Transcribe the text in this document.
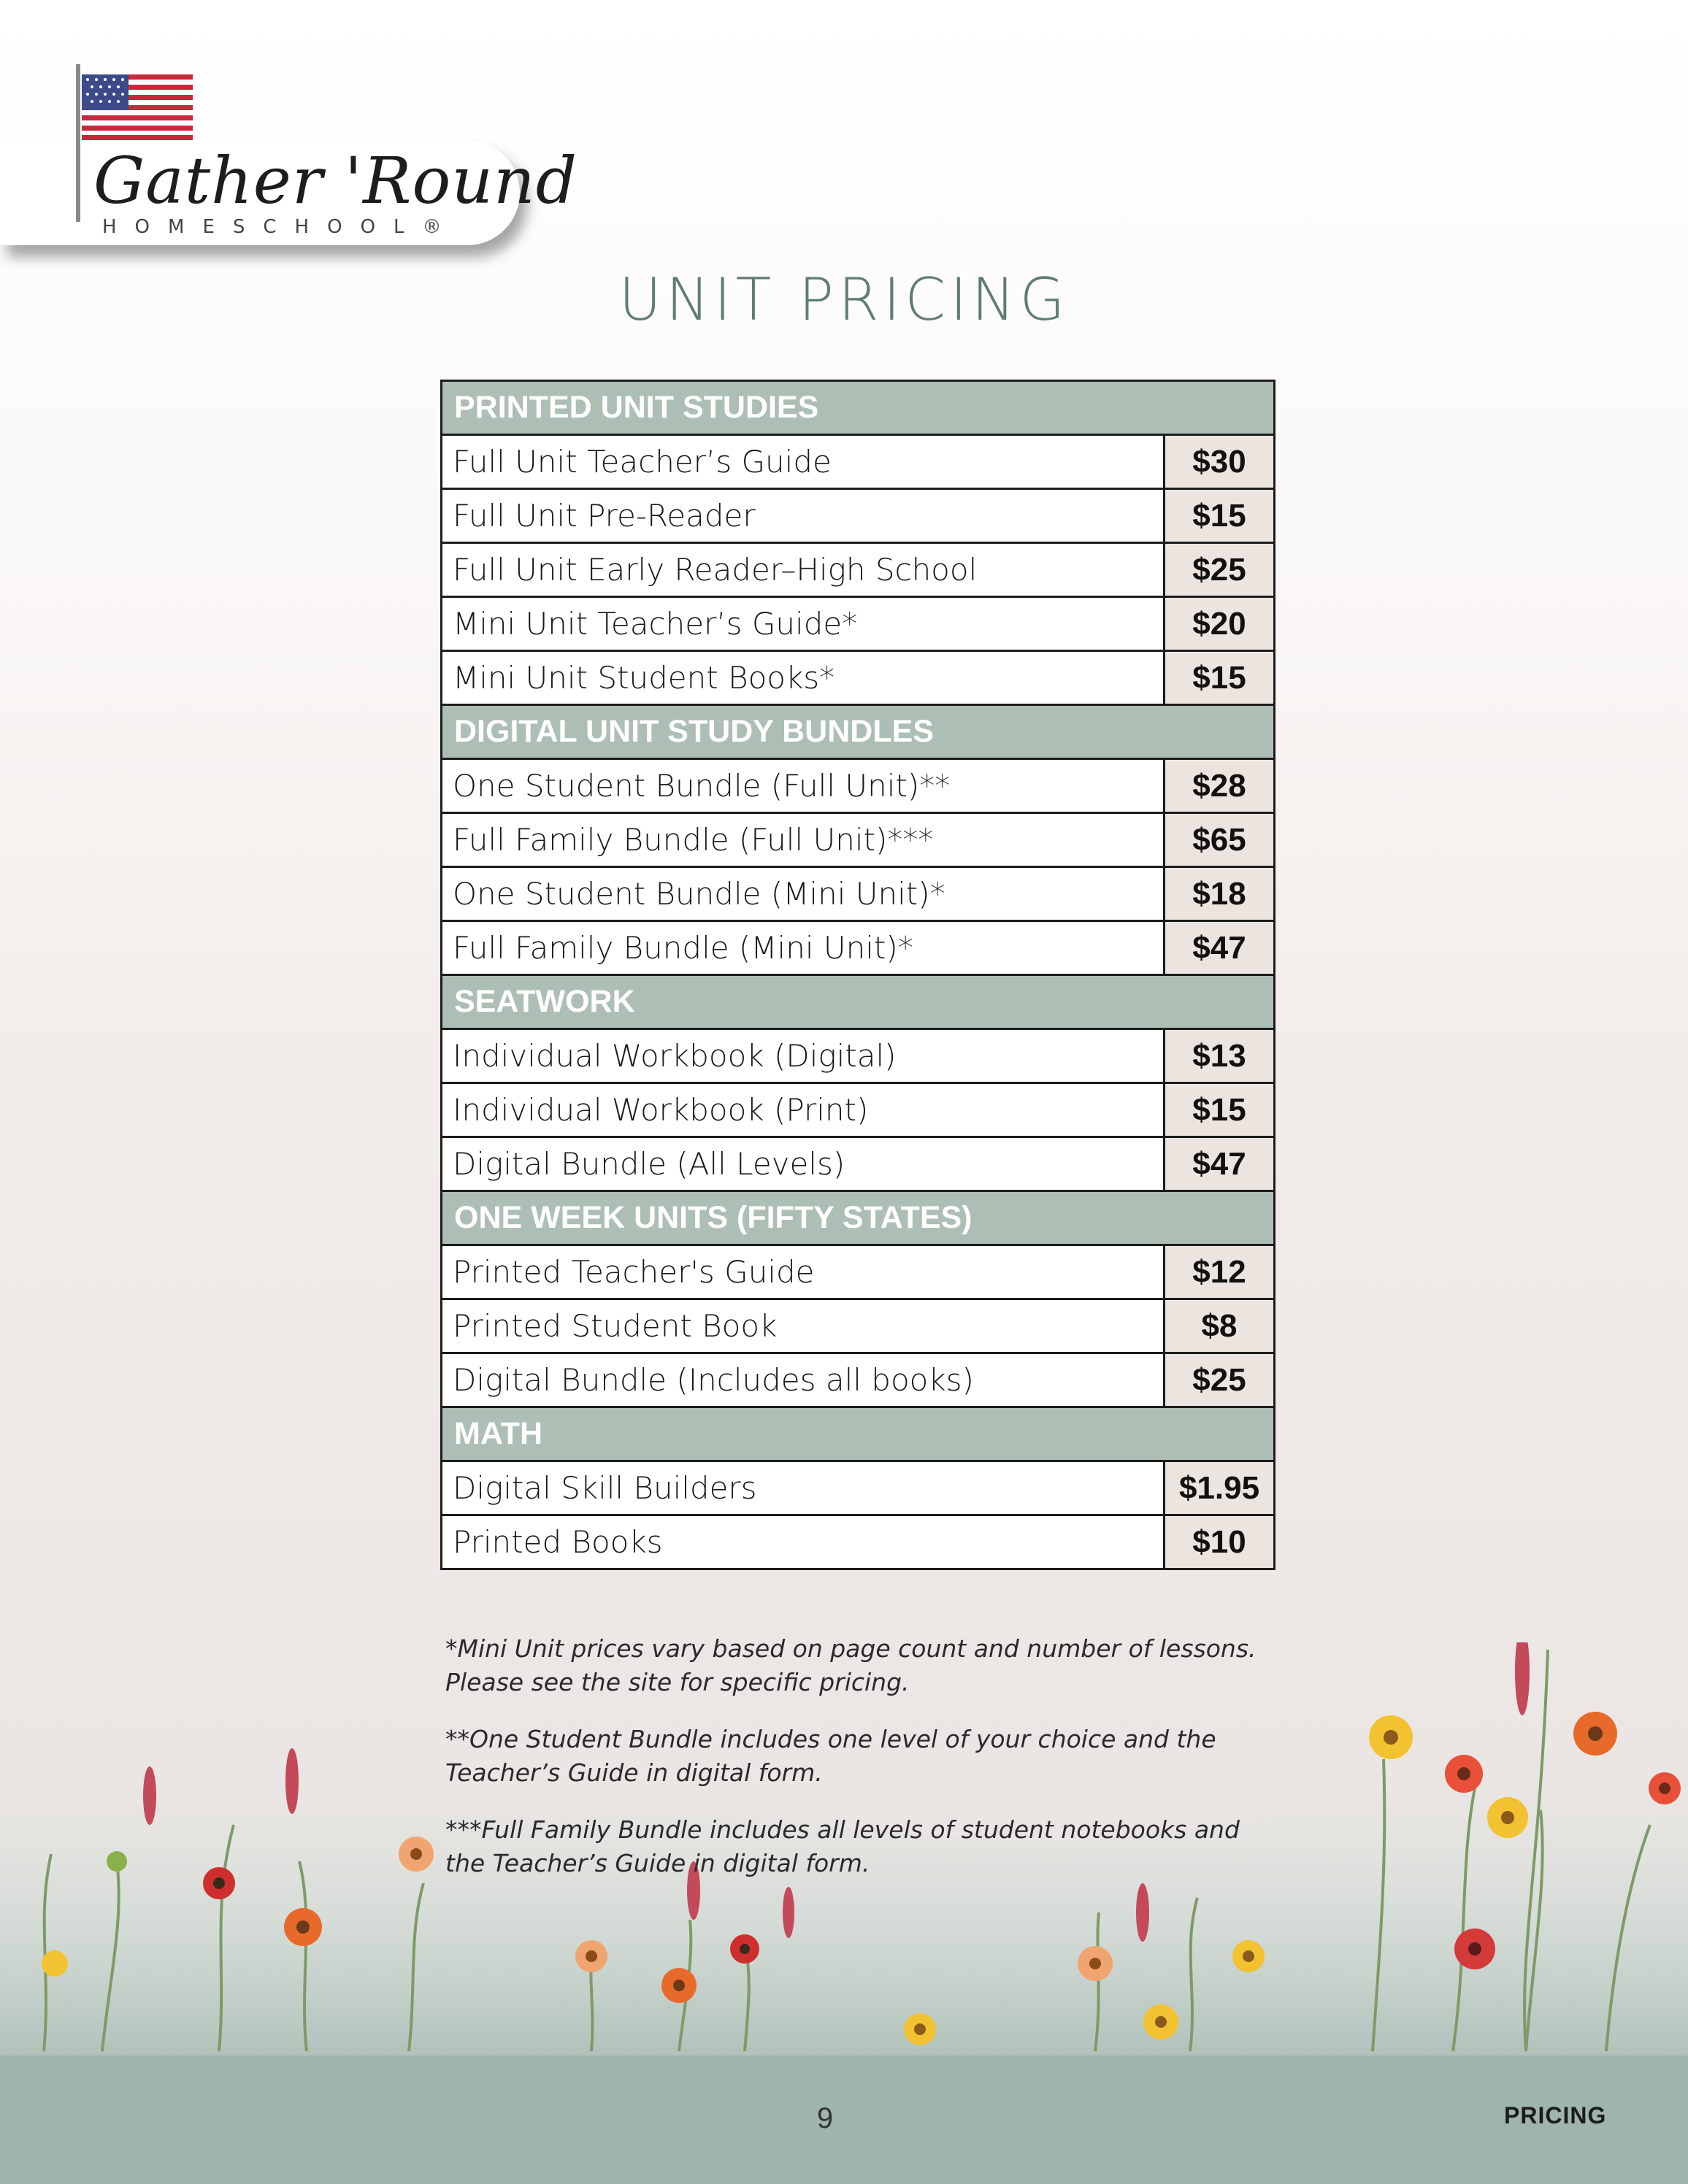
Gather 'Round
HOMESCHOOL®
UNIT PRICING
PRINTED UNIT STUDIES	
Full Unit Teacher’s Guide	$30
Full Unit Pre-Reader	$15
Full Unit Early Reader–High School	$25
Mini Unit Teacher’s Guide*	$20
Mini Unit Student Books*	$15
DIGITAL UNIT STUDY BUNDLES	
One Student Bundle (Full Unit)**	$28
Full Family Bundle (Full Unit)***	$65
One Student Bundle (Mini Unit)*	$18
Full Family Bundle (Mini Unit)*	$47
SEATWORK	
Individual Workbook (Digital)	$13
Individual Workbook (Print)	$15
Digital Bundle (All Levels)	$47
ONE WEEK UNITS (FIFTY STATES)	
Printed Teacher's Guide	$12
Printed Student Book	$8
Digital Bundle (Includes all books)	$25
MATH	
Digital Skill Builders	$1.95
Printed Books	$10

*Mini Unit prices vary based on page count and number of lessons. Please see the site for specific pricing.

**One Student Bundle includes one level of your choice and the Teacher’s Guide in digital form.

***Full Family Bundle includes all levels of student notebooks and the Teacher’s Guide in digital form.

9	PRICING
